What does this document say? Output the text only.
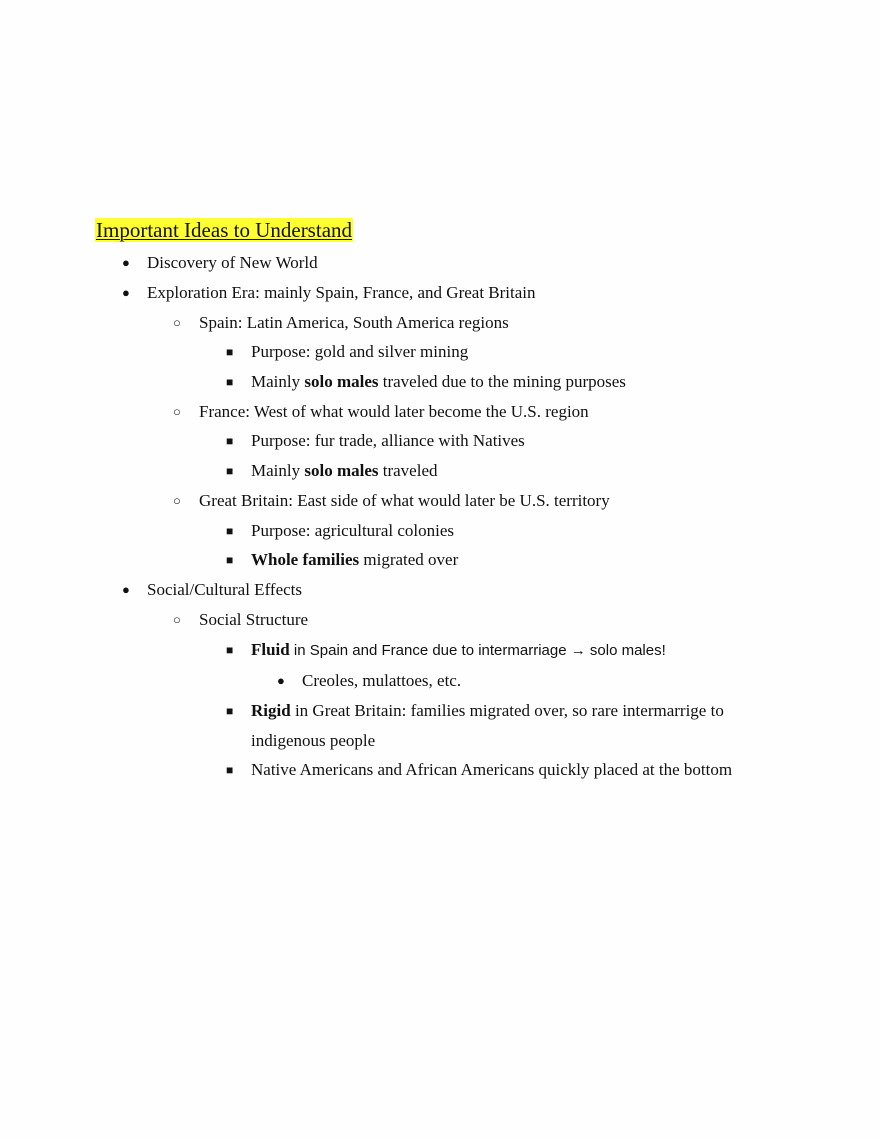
Important Ideas to Understand
● Discovery of New World
● Exploration Era: mainly Spain, France, and Great Britain
○ Spain: Latin America, South America regions
■ Purpose: gold and silver mining
■ Mainly solo males traveled due to the mining purposes
○ France: West of what would later become the U.S. region
■ Purpose: fur trade, alliance with Natives
■ Mainly solo males traveled
○ Great Britain: East side of what would later be U.S. territory
■ Purpose: agricultural colonies
■ Whole families migrated over
● Social/Cultural Effects
○ Social Structure
■ Fluid in Spain and France due to intermarriage → solo males!
● Creoles, mulattoes, etc.
■ Rigid in Great Britain: families migrated over, so rare intermarrige to
indigenous people
■ Native Americans and African Americans quickly placed at the bottom
